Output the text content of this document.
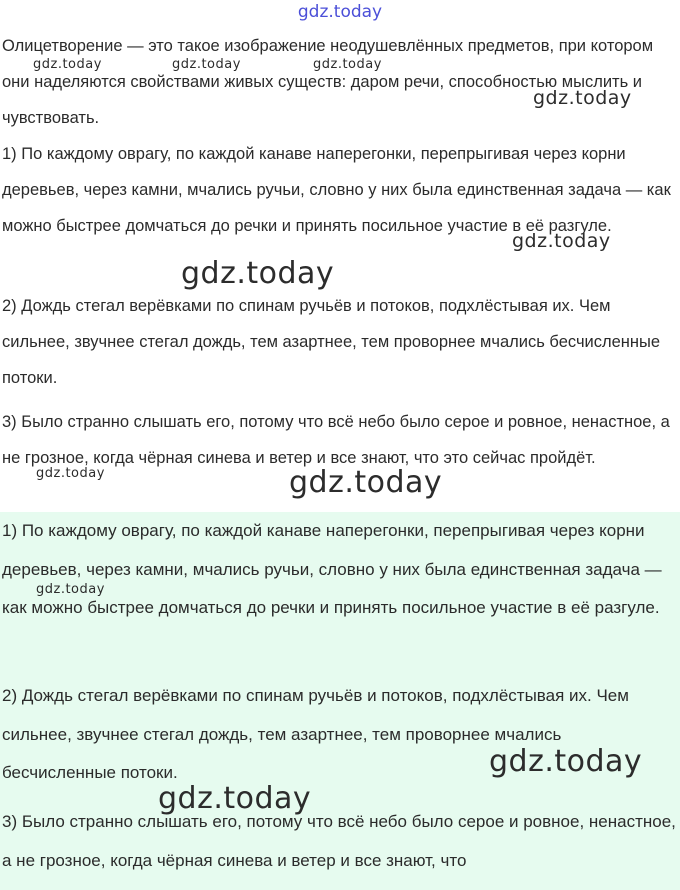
gdz.today

Олицетворение — это такое изображение неодушевлённых предметов, при котором они наделяются свойствами живых существ: даром речи, способностью мыслить и чувствовать.

1) По каждому оврагу, по каждой канаве наперегонки, перепрыгивая через корни деревьев, через камни, мчались ручьи, словно у них была единственная задача — как можно быстрее домчаться до речки и принять посильное участие в её разгуле.

2) Дождь стегал верёвками по спинам ручьёв и потоков, подхлёстывая их. Чем сильнее, звучнее стегал дождь, тем азартнее, тем проворнее мчались бесчисленные потоки.

3) Было странно слышать его, потому что всё небо было серое и ровное, ненастное, а не грозное, когда чёрная синева и ветер и все знают, что это сейчас пройдёт.

1) По каждому оврагу, по каждой канаве наперегонки, перепрыгивая через корни деревьев, через камни, мчались ручьи, словно у них была единственная задача — как можно быстрее домчаться до речки и принять посильное участие в её разгуле.

2) Дождь стегал верёвками по спинам ручьёв и потоков, подхлёстывая их. Чем сильнее, звучнее стегал дождь, тем азартнее, тем проворнее мчались бесчисленные потоки.

3) Было странно слышать его, потому что всё небо было серое и ровное, ненастное, а не грозное, когда чёрная синева и ветер и все знают, что

gdz.today	gdz.today	gdz.today
gdz.today
gdz.today
gdz.today
gdz.today	gdz.today
gdz.today
gdz.today
gdz.today
